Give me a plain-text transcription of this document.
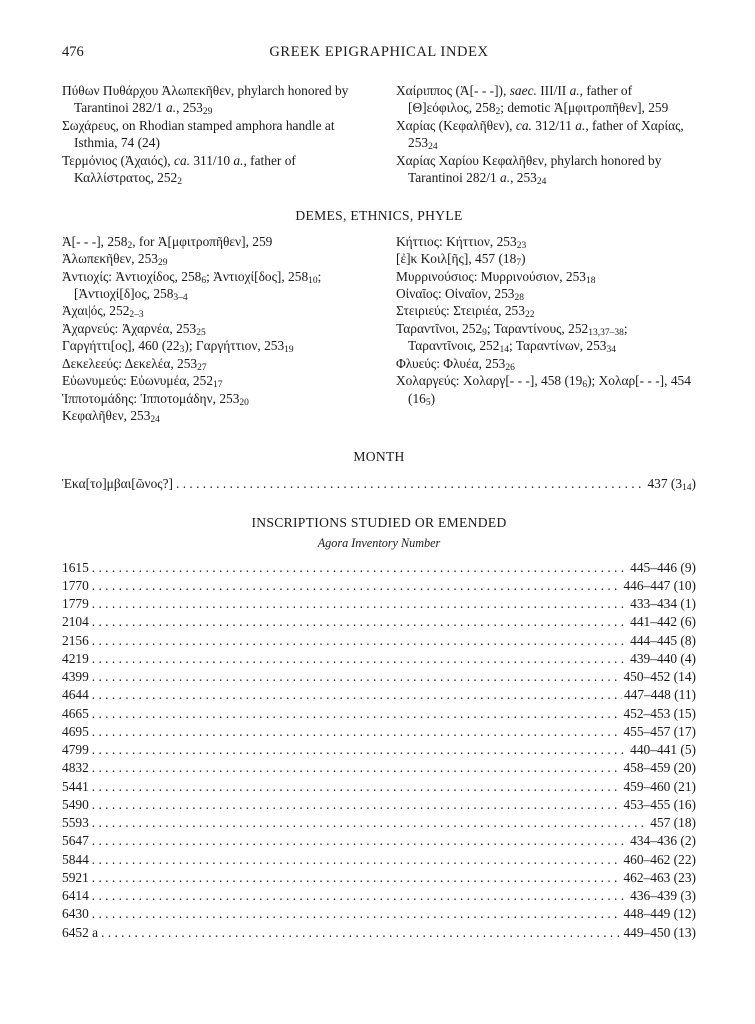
476	GREEK EPIGRAPHICAL INDEX

Πύθων Πυθάρχου Ἀλωπεκῆθεν, phylarch honored by Tarantinoi 282/1 a., $253_{29}$

Σωχάρευς, on Rhodian stamped amphora handle at Isthmia, 74 (24)

Τερμόνιος (Ἀχαιός), ca. 311/10 a., father of Καλλίστρατος, $252_2$

Χαίριππος (Ἀ[- - -]), saec. III/II a., father of [Θ]εόφιλος, $258_2$; demotic Ἀ[μφιτροπῆθεν], 259

Χαρίας (Κεφαλῆθεν), ca. 312/11 a., father of Χαρίας, $253_{24}$

Χαρίας Χαρίου Κεφαλῆθεν, phylarch honored by Tarantinoi 282/1 a., $253_{24}$

DEMES, ETHNICS, PHYLE

Ἀ[- - -], $258_2$, for Ἀ[μφιτροπῆθεν], 259

Ἀλωπεκῆθεν, $253_{29}$

Ἀντιοχίς: Ἀντιοχίδος, $258_6$; Ἀντιοχί[δος], $258_{10}$; [Ἀντιοχί[δ]ος, $258_{3-4}$

Ἀχαι|ός, $252_{2-3}$

Ἀχαρνεύς: Ἀχαρνέα, $253_{25}$

Γαργήττι[ος], 460 $(22_3)$; Γαργήττιον, $253_{19}$

Δεκελεεύς: Δεκελέα, $253_{27}$

Εὐωνυμεύς: Εὐωνυμέα, $252_{17}$

Ἱπποτομάδης: Ἱπποτομάδην, $253_{20}$

Κεφαλῆθεν, $253_{24}$

Κήττιος: Κήττιον, $253_{23}$

[ἐ]κ Κοιλ[ῆς], 457 $(18_7)$

Μυρρινούσιος: Μυρρινούσιον, $253_{18}$

Οἰναῖος: Οἰναῖον, $253_{28}$

Στειριεύς: Στειριέα, $253_{22}$

Ταραντῖνοι, $252_9$; Ταραντίνους, $252_{13,37-38}$; Ταραντῖνοις, $252_{14}$; Ταραντίνων, $253_{34}$

Φλυεύς: Φλυέα, $253_{26}$

Χολαργεύς: Χολαργ[- - -], 458 $(19_6)$; Χολαρ[- - -], 454 $(16_5)$

MONTH
Ἑκα[το]μβαι[ῶνος?] . . .	437 $(3_{14})$
INSCRIPTIONS STUDIED OR EMENDED
Agora Inventory Number
1615 . . .	445–446 (9)
1770 . . .	446–447 (10)
1779 . . .	433–434 (1)
2104 . . .	441–442 (6)
2156 . . .	444–445 (8)
4219 . . .	439–440 (4)
4399 . . .	450–452 (14)
4644 . . .	447–448 (11)
4665 . . .	452–453 (15)
4695 . . .	455–457 (17)
4799 . . .	440–441 (5)
4832 . . .	458–459 (20)
5441 . . .	459–460 (21)
5490 . . .	453–455 (16)
5593 . . .	457 (18)
5647 . . .	434–436 (2)
5844 . . .	460–462 (22)
5921 . . .	462–463 (23)
6414 . . .	436–439 (3)
6430 . . .	448–449 (12)
6452 a . . .	449–450 (13)
